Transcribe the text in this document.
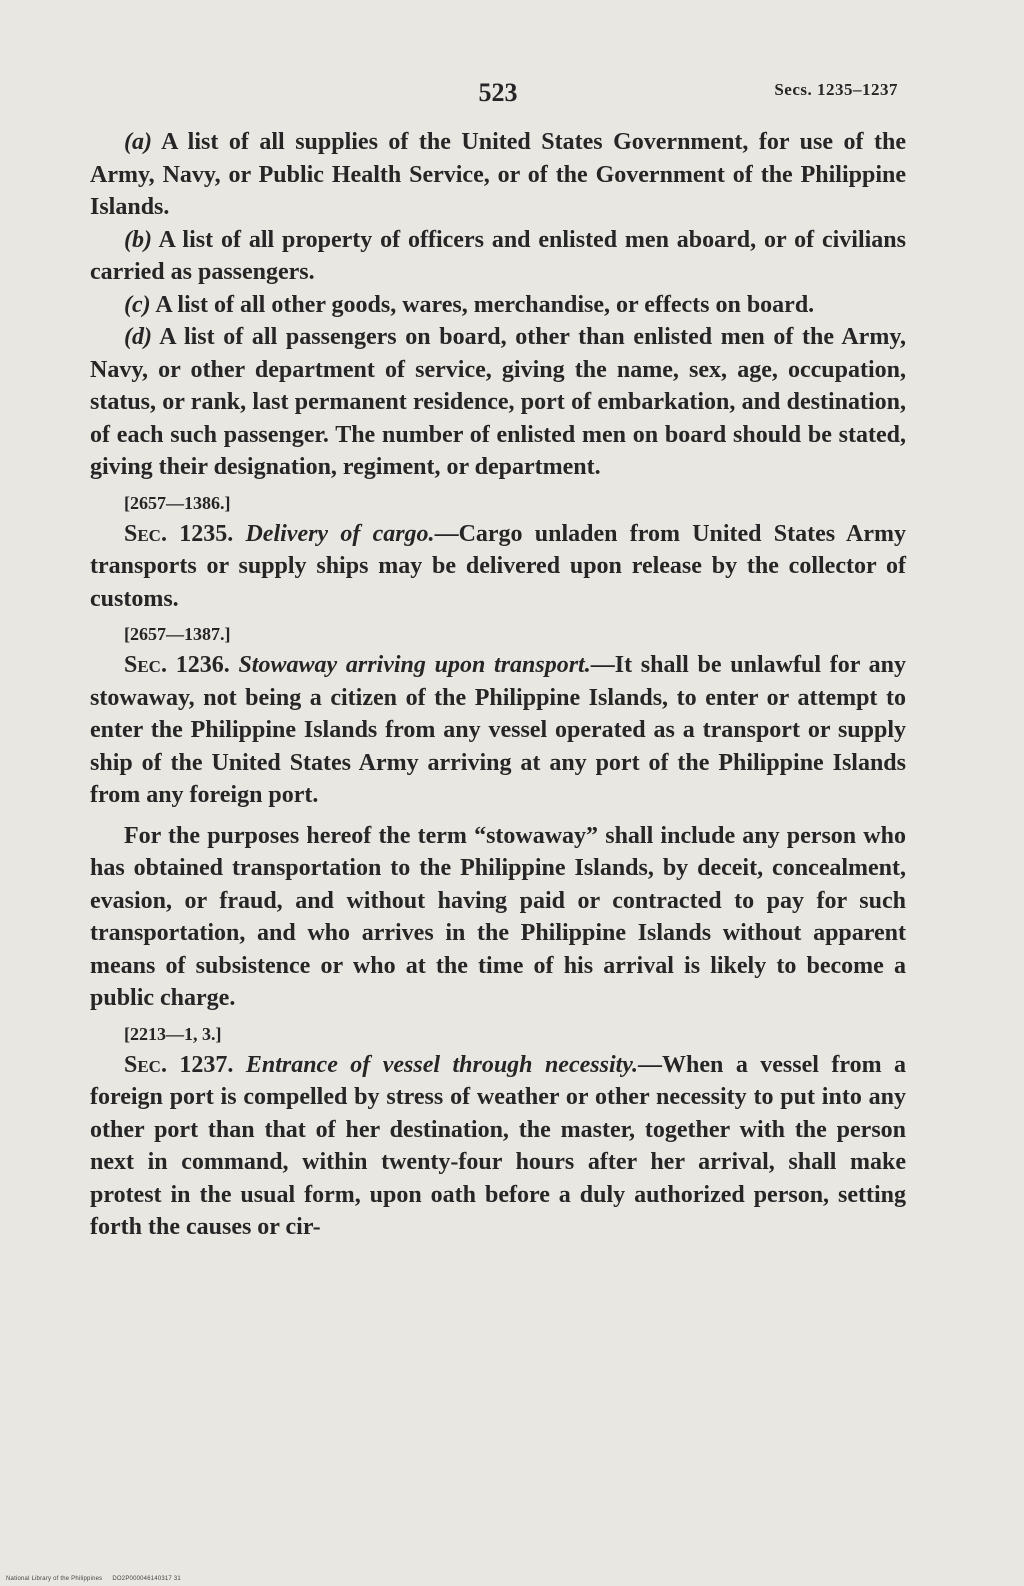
523	Secs. 1235–1237

(a) A list of all supplies of the United States Government, for use of the Army, Navy, or Public Health Service, or of the Government of the Philippine Islands.

(b) A list of all property of officers and enlisted men aboard, or of civilians carried as passengers.

(c) A list of all other goods, wares, merchandise, or effects on board.

(d) A list of all passengers on board, other than enlisted men of the Army, Navy, or other department of service, giving the name, sex, age, occupation, status, or rank, last permanent residence, port of embarkation, and destination, of each such passenger. The number of enlisted men on board should be stated, giving their designation, regiment, or department.

[2657—1386.]

Sec. 1235. Delivery of cargo.—Cargo unladen from United States Army transports or supply ships may be delivered upon release by the collector of customs.

[2657—1387.]

Sec. 1236. Stowaway arriving upon transport.—It shall be unlawful for any stowaway, not being a citizen of the Philippine Islands, to enter or attempt to enter the Philippine Islands from any vessel operated as a transport or supply ship of the United States Army arriving at any port of the Philippine Islands from any foreign port.

For the purposes hereof the term “stowaway” shall include any person who has obtained transportation to the Philippine Islands, by deceit, concealment, evasion, or fraud, and without having paid or contracted to pay for such transportation, and who arrives in the Philippine Islands without apparent means of subsistence or who at the time of his arrival is likely to become a public charge.

[2213—1, 3.]

Sec. 1237. Entrance of vessel through necessity.—When a vessel from a foreign port is compelled by stress of weather or other necessity to put into any other port than that of her destination, the master, together with the person next in command, within twenty-four hours after her arrival, shall make protest in the usual form, upon oath before a duly authorized person, setting forth the causes or cir-

National Library of the Philippines DO2P000046140317 31
